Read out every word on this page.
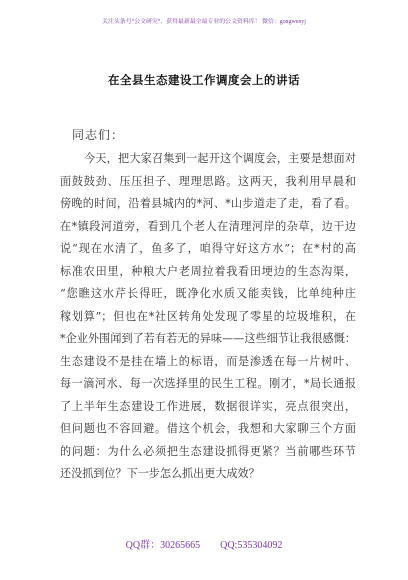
关注头条号“公文研究”，获得最新最全最专业的公文资料库！ 微信：gongwenyj
在全县生态建设工作调度会上的讲话
同志们：
今天，把大家召集到一起开这个调度会，主要是想面对
面鼓鼓劲、压压担子、理理思路。这两天，我利用早晨和
傍晚的时间，沿着县城内的*河、*山步道走了走，看了看。
在*镇段河道旁，看到几个老人在清理河岸的杂草，边干边
说“现在水清了，鱼多了，咱得守好这方水”；在*村的高
标准农田里，种粮大户老周拉着我看田埂边的生态沟渠，
“您瞧这水芹长得旺，既净化水质又能卖钱，比单纯种庄
稼划算”；但也在*社区转角处发现了零星的垃圾堆积，在
*企业外围闻到了若有若无的异味——这些细节让我很感慨：
生态建设不是挂在墙上的标语，而是渗透在每一片树叶、
每一滴河水、每一次选择里的民生工程。刚才，*局长通报
了上半年生态建设工作进展，数据很详实，亮点很突出，
但问题也不容回避。借这个机会，我想和大家聊三个方面
的问题：为什么必须把生态建设抓得更紧？当前哪些环节
还没抓到位？下一步怎么抓出更大成效？
QQ群：30265665 QQ:535304092
